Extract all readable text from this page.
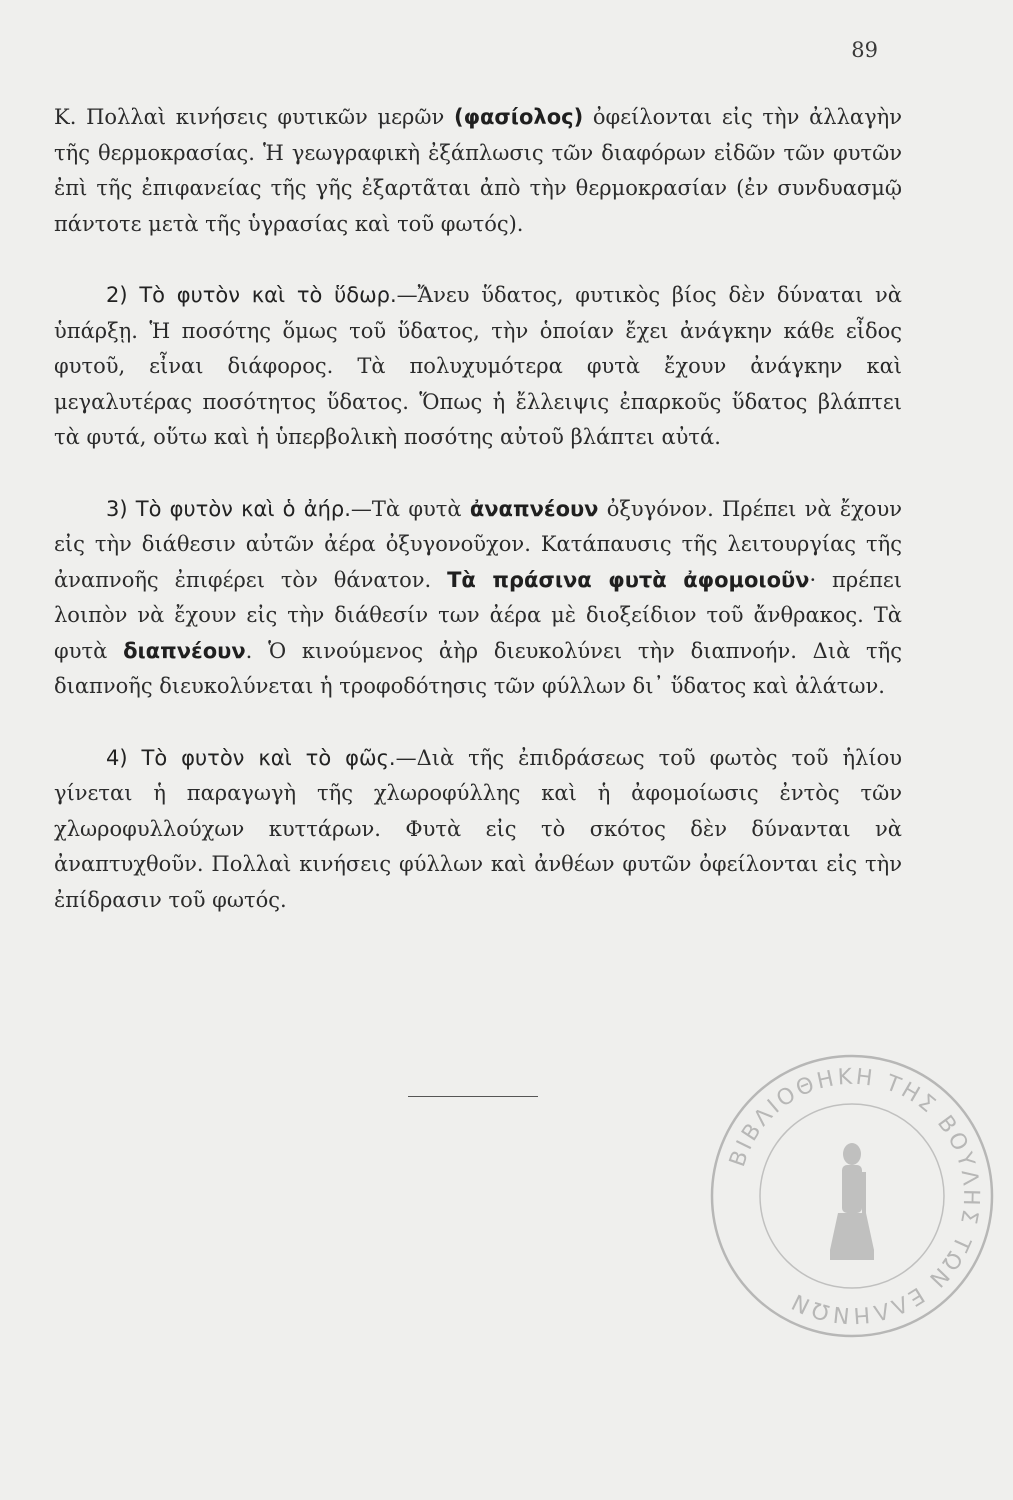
89

Κ. Πολλαὶ κινήσεις φυτικῶν μερῶν (φασίολος) ὀφείλονται εἰς τὴν ἀλλαγὴν τῆς θερμοκρασίας. Ἡ γεωγραφικὴ ἐξάπλωσις τῶν διαφόρων εἰδῶν τῶν φυτῶν ἐπὶ τῆς ἐπιφανείας τῆς γῆς ἐξαρτᾶται ἀπὸ τὴν θερμοκρασίαν (ἐν συνδυασμῷ πάντοτε μετὰ τῆς ὑγρασίας καὶ τοῦ φωτός).

2) Τὸ φυτὸν καὶ τὸ ὕδωρ.—Ἄνευ ὕδατος, φυτικὸς βίος δὲν δύναται νὰ ὑπάρξῃ. Ἡ ποσότης ὅμως τοῦ ὕδατος, τὴν ὁποίαν ἔχει ἀνάγκην κάθε εἶδος φυτοῦ, εἶναι διάφορος. Τὰ πολυχυμότερα φυτὰ ἔχουν ἀνάγκην καὶ μεγαλυτέρας ποσότητος ὕδατος. Ὅπως ἡ ἔλλειψις ἐπαρκοῦς ὕδατος βλάπτει τὰ φυτά, οὕτω καὶ ἡ ὑπερβολικὴ ποσότης αὐτοῦ βλάπτει αὐτά.

3) Τὸ φυτὸν καὶ ὁ ἀήρ.—Τὰ φυτὰ ἀναπνέουν ὀξυγόνον. Πρέπει νὰ ἔχουν εἰς τὴν διάθεσιν αὐτῶν ἀέρα ὀξυγονοῦχον. Κατάπαυσις τῆς λειτουργίας τῆς ἀναπνοῆς ἐπιφέρει τὸν θάνατον. Τὰ πράσινα φυτὰ ἀφομοιοῦν· πρέπει λοιπὸν νὰ ἔχουν εἰς τὴν διάθεσίν των ἀέρα μὲ διοξείδιον τοῦ ἄνθρακος. Τὰ φυτὰ διαπνέουν. Ὁ κινούμενος ἀὴρ διευκολύνει τὴν διαπνοήν. Διὰ τῆς διαπνοῆς διευκολύνεται ἡ τροφοδότησις τῶν φύλλων δι᾽ ὕδατος καὶ ἀλάτων.

4) Τὸ φυτὸν καὶ τὸ φῶς.—Διὰ τῆς ἐπιδράσεως τοῦ φωτὸς τοῦ ἡλίου γίνεται ἡ παραγωγὴ τῆς χλωροφύλλης καὶ ἡ ἀφομοίωσις ἐντὸς τῶν χλωροφυλλούχων κυττάρων. Φυτὰ εἰς τὸ σκότος δὲν δύνανται νὰ ἀναπτυχθοῦν. Πολλαὶ κινήσεις φύλλων καὶ ἀνθέων φυτῶν ὀφείλονται εἰς τὴν ἐπίδρασιν τοῦ φωτός.

ΒΙΒΛΙΟΘΗΚΗ ΤΗΣ ΒΟΥΛΗΣ ΤΩΝ ΕΛΛΗΝΩΝ
